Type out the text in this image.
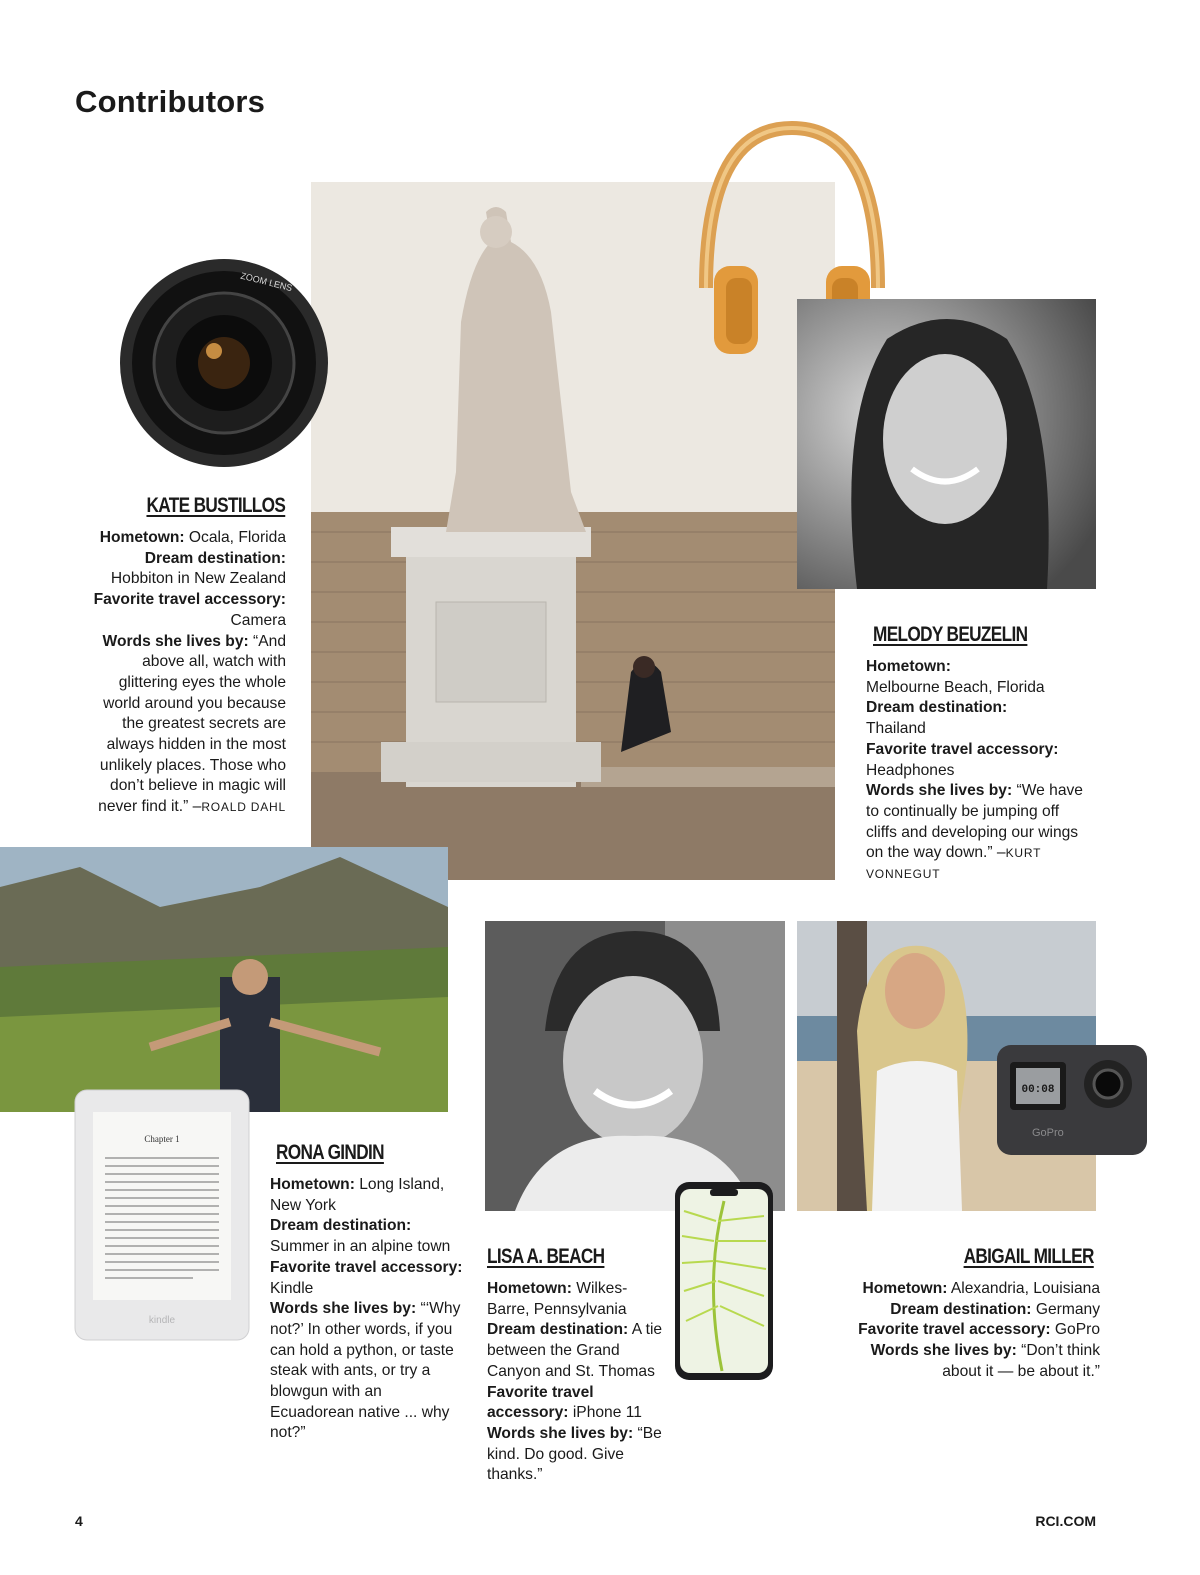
Contributors
ZOOM LENS
Chapter 1
kindle
00:08
GoPro
KATE BUSTILLOS

Hometown: Ocala, Florida
Dream destination: Hobbiton in New Zealand
Favorite travel accessory: Camera
Words she lives by: “And above all, watch with glittering eyes the whole world around you because the greatest secrets are always hidden in the most unlikely places. Those who don’t believe in magic will never find it.” –ROALD DAHL

MELODY BEUZELIN

Hometown:
Melbourne Beach, Florida
Dream destination:
Thailand
Favorite travel accessory: Headphones
Words she lives by: “We have to continually be jumping off cliffs and developing our wings on the way down.” –KURT VONNEGUT

RONA GINDIN

Hometown: Long Island, New York
Dream destination: Summer in an alpine town
Favorite travel accessory: Kindle
Words she lives by: “‘Why not?’ In other words, if you can hold a python, or taste steak with ants, or try a blowgun with an Ecuadorean native ... why not?”

LISA A. BEACH

Hometown: Wilkes-Barre, Pennsylvania
Dream destination: A tie between the Grand Canyon and St. Thomas
Favorite travel accessory: iPhone 11
Words she lives by: “Be kind. Do good. Give thanks.”

ABIGAIL MILLER

Hometown: Alexandria, Louisiana
Dream destination: Germany
Favorite travel accessory: GoPro
Words she lives by: “Don’t think about it — be about it.”

4	RCI.COM
